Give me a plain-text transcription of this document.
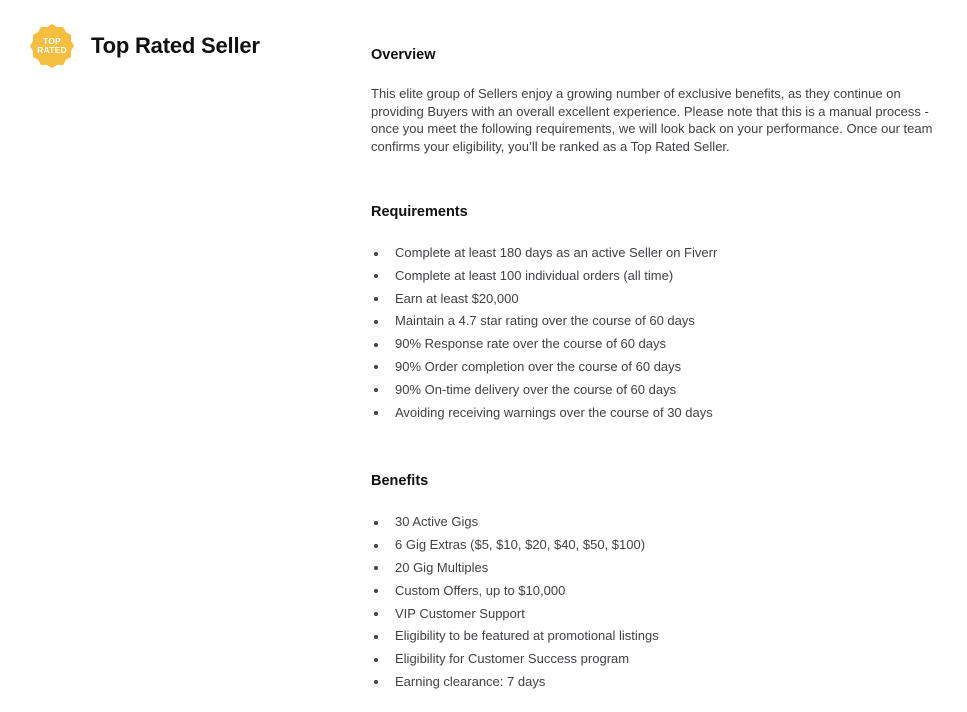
TOP
RATED Top Rated Seller	Overview

This elite group of Sellers enjoy a growing number of exclusive benefits, as they continue on providing Buyers with an overall excellent experience. Please note that this is a manual process - once you meet the following requirements, we will look back on your performance. Once our team confirms your eligibility, you’ll be ranked as a Top Rated Seller.

Requirements
Complete at least 180 days as an active Seller on Fiverr
Complete at least 100 individual orders (all time)
Earn at least $20,000
Maintain a 4.7 star rating over the course of 60 days
90% Response rate over the course of 60 days
90% Order completion over the course of 60 days
90% On-time delivery over the course of 60 days
Avoiding receiving warnings over the course of 30 days
Benefits
30 Active Gigs
6 Gig Extras ($5, $10, $20, $40, $50, $100)
20 Gig Multiples
Custom Offers, up to $10,000
VIP Customer Support
Eligibility to be featured at promotional listings
Eligibility for Customer Success program
Earning clearance: 7 days
